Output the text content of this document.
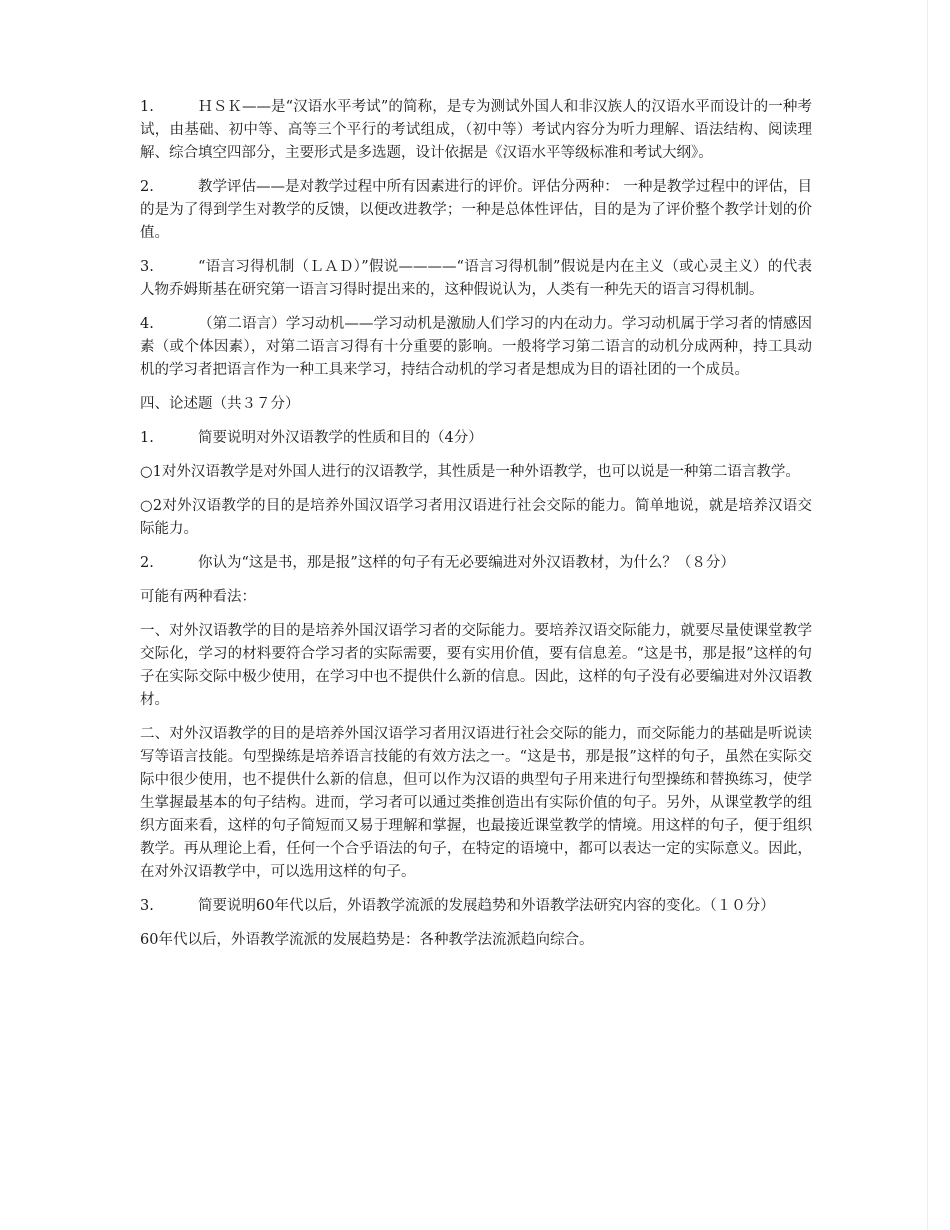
1.	ＨＳＫ——是“汉语水平考试”的简称，是专为测试外国人和非汉族人的汉语水平而设计的一种考试，由基础、初中等、高等三个平行的考试组成，（初中等）考试内容分为听力理解、语法结构、阅读理解、综合填空四部分，主要形式是多选题，设计依据是《汉语水平等级标准和考试大纲》。

2.	教学评估——是对教学过程中所有因素进行的评价。评估分两种： 一种是教学过程中的评估，目的是为了得到学生对教学的反馈，以便改进教学；一种是总体性评估，目的是为了评价整个教学计划的价值。

3.	“语言习得机制（ＬＡＤ）”假说————“语言习得机制”假说是内在主义（或心灵主义）的代表人物乔姆斯基在研究第一语言习得时提出来的，这种假说认为，人类有一种先天的语言习得机制。

4.	（第二语言）学习动机——学习动机是激励人们学习的内在动力。学习动机属于学习者的情感因素（或个体因素），对第二语言习得有十分重要的影响。一般将学习第二语言的动机分成两种，持工具动机的学习者把语言作为一种工具来学习，持结合动机的学习者是想成为目的语社团的一个成员。

四、论述题（共３７分）

1.	简要说明对外汉语教学的性质和目的（4分）

○1对外汉语教学是对外国人进行的汉语教学，其性质是一种外语教学，也可以说是一种第二语言教学。

○2对外汉语教学的目的是培养外国汉语学习者用汉语进行社会交际的能力。简单地说，就是培养汉语交际能力。

2.	你认为“这是书，那是报”这样的句子有无必要编进对外汉语教材，为什么？（８分）

可能有两种看法：

一、对外汉语教学的目的是培养外国汉语学习者的交际能力。要培养汉语交际能力，就要尽量使课堂教学交际化，学习的材料要符合学习者的实际需要，要有实用价值，要有信息差。“这是书，那是报”这样的句子在实际交际中极少使用，在学习中也不提供什么新的信息。因此，这样的句子没有必要编进对外汉语教材。

二、对外汉语教学的目的是培养外国汉语学习者用汉语进行社会交际的能力，而交际能力的基础是听说读写等语言技能。句型操练是培养语言技能的有效方法之一。“这是书，那是报”这样的句子，虽然在实际交际中很少使用，也不提供什么新的信息，但可以作为汉语的典型句子用来进行句型操练和替换练习，使学生掌握最基本的句子结构。进而，学习者可以通过类推创造出有实际价值的句子。另外，从课堂教学的组织方面来看，这样的句子简短而又易于理解和掌握，也最接近课堂教学的情境。用这样的句子，便于组织教学。再从理论上看，任何一个合乎语法的句子，在特定的语境中，都可以表达一定的实际意义。因此，在对外汉语教学中，可以选用这样的句子。

3.	简要说明60年代以后，外语教学流派的发展趋势和外语教学法研究内容的变化。（１０分）

60年代以后，外语教学流派的发展趋势是：各种教学法流派趋向综合。
